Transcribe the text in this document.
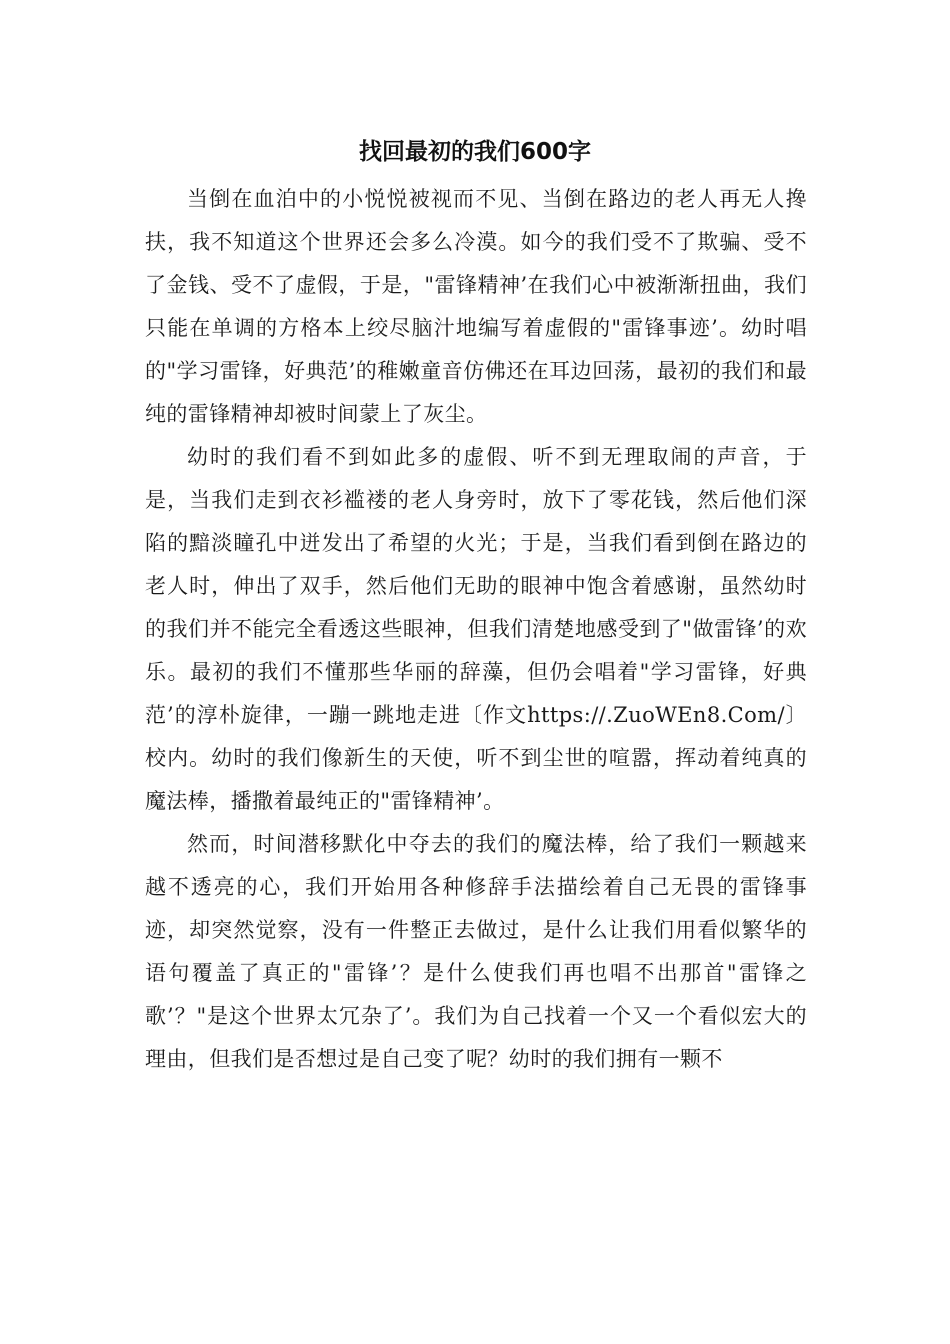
找回最初的我们600字

当倒在血泊中的小悦悦被视而不见、当倒在路边的老人再无人搀扶，我不知道这个世界还会多么冷漠。如今的我们受不了欺骗、受不了金钱、受不了虚假，于是，"雷锋精神’在我们心中被渐渐扭曲，我们只能在单调的方格本上绞尽脑汁地编写着虚假的"雷锋事迹’。幼时唱的"学习雷锋，好典范’的稚嫩童音仿佛还在耳边回荡，最初的我们和最纯的雷锋精神却被时间蒙上了灰尘。

幼时的我们看不到如此多的虚假、听不到无理取闹的声音，于是，当我们走到衣衫褴褛的老人身旁时，放下了零花钱，然后他们深陷的黯淡瞳孔中迸发出了希望的火光；于是，当我们看到倒在路边的老人时，伸出了双手，然后他们无助的眼神中饱含着感谢，虽然幼时的我们并不能完全看透这些眼神，但我们清楚地感受到了"做雷锋’的欢乐。最初的我们不懂那些华丽的辞藻，但仍会唱着"学习雷锋，好典范’的淳朴旋律，一蹦一跳地走进〔作文https://.ZuoWEn8.Com/〕校内。幼时的我们像新生的天使，听不到尘世的喧嚣，挥动着纯真的魔法棒，播撒着最纯正的"雷锋精神’。

然而，时间潜移默化中夺去的我们的魔法棒，给了我们一颗越来越不透亮的心，我们开始用各种修辞手法描绘着自己无畏的雷锋事迹，却突然觉察，没有一件整正去做过，是什么让我们用看似繁华的语句覆盖了真正的"雷锋’？是什么使我们再也唱不出那首"雷锋之歌’？"是这个世界太冗杂了’。我们为自己找着一个又一个看似宏大的理由，但我们是否想过是自己变了呢？幼时的我们拥有一颗不
